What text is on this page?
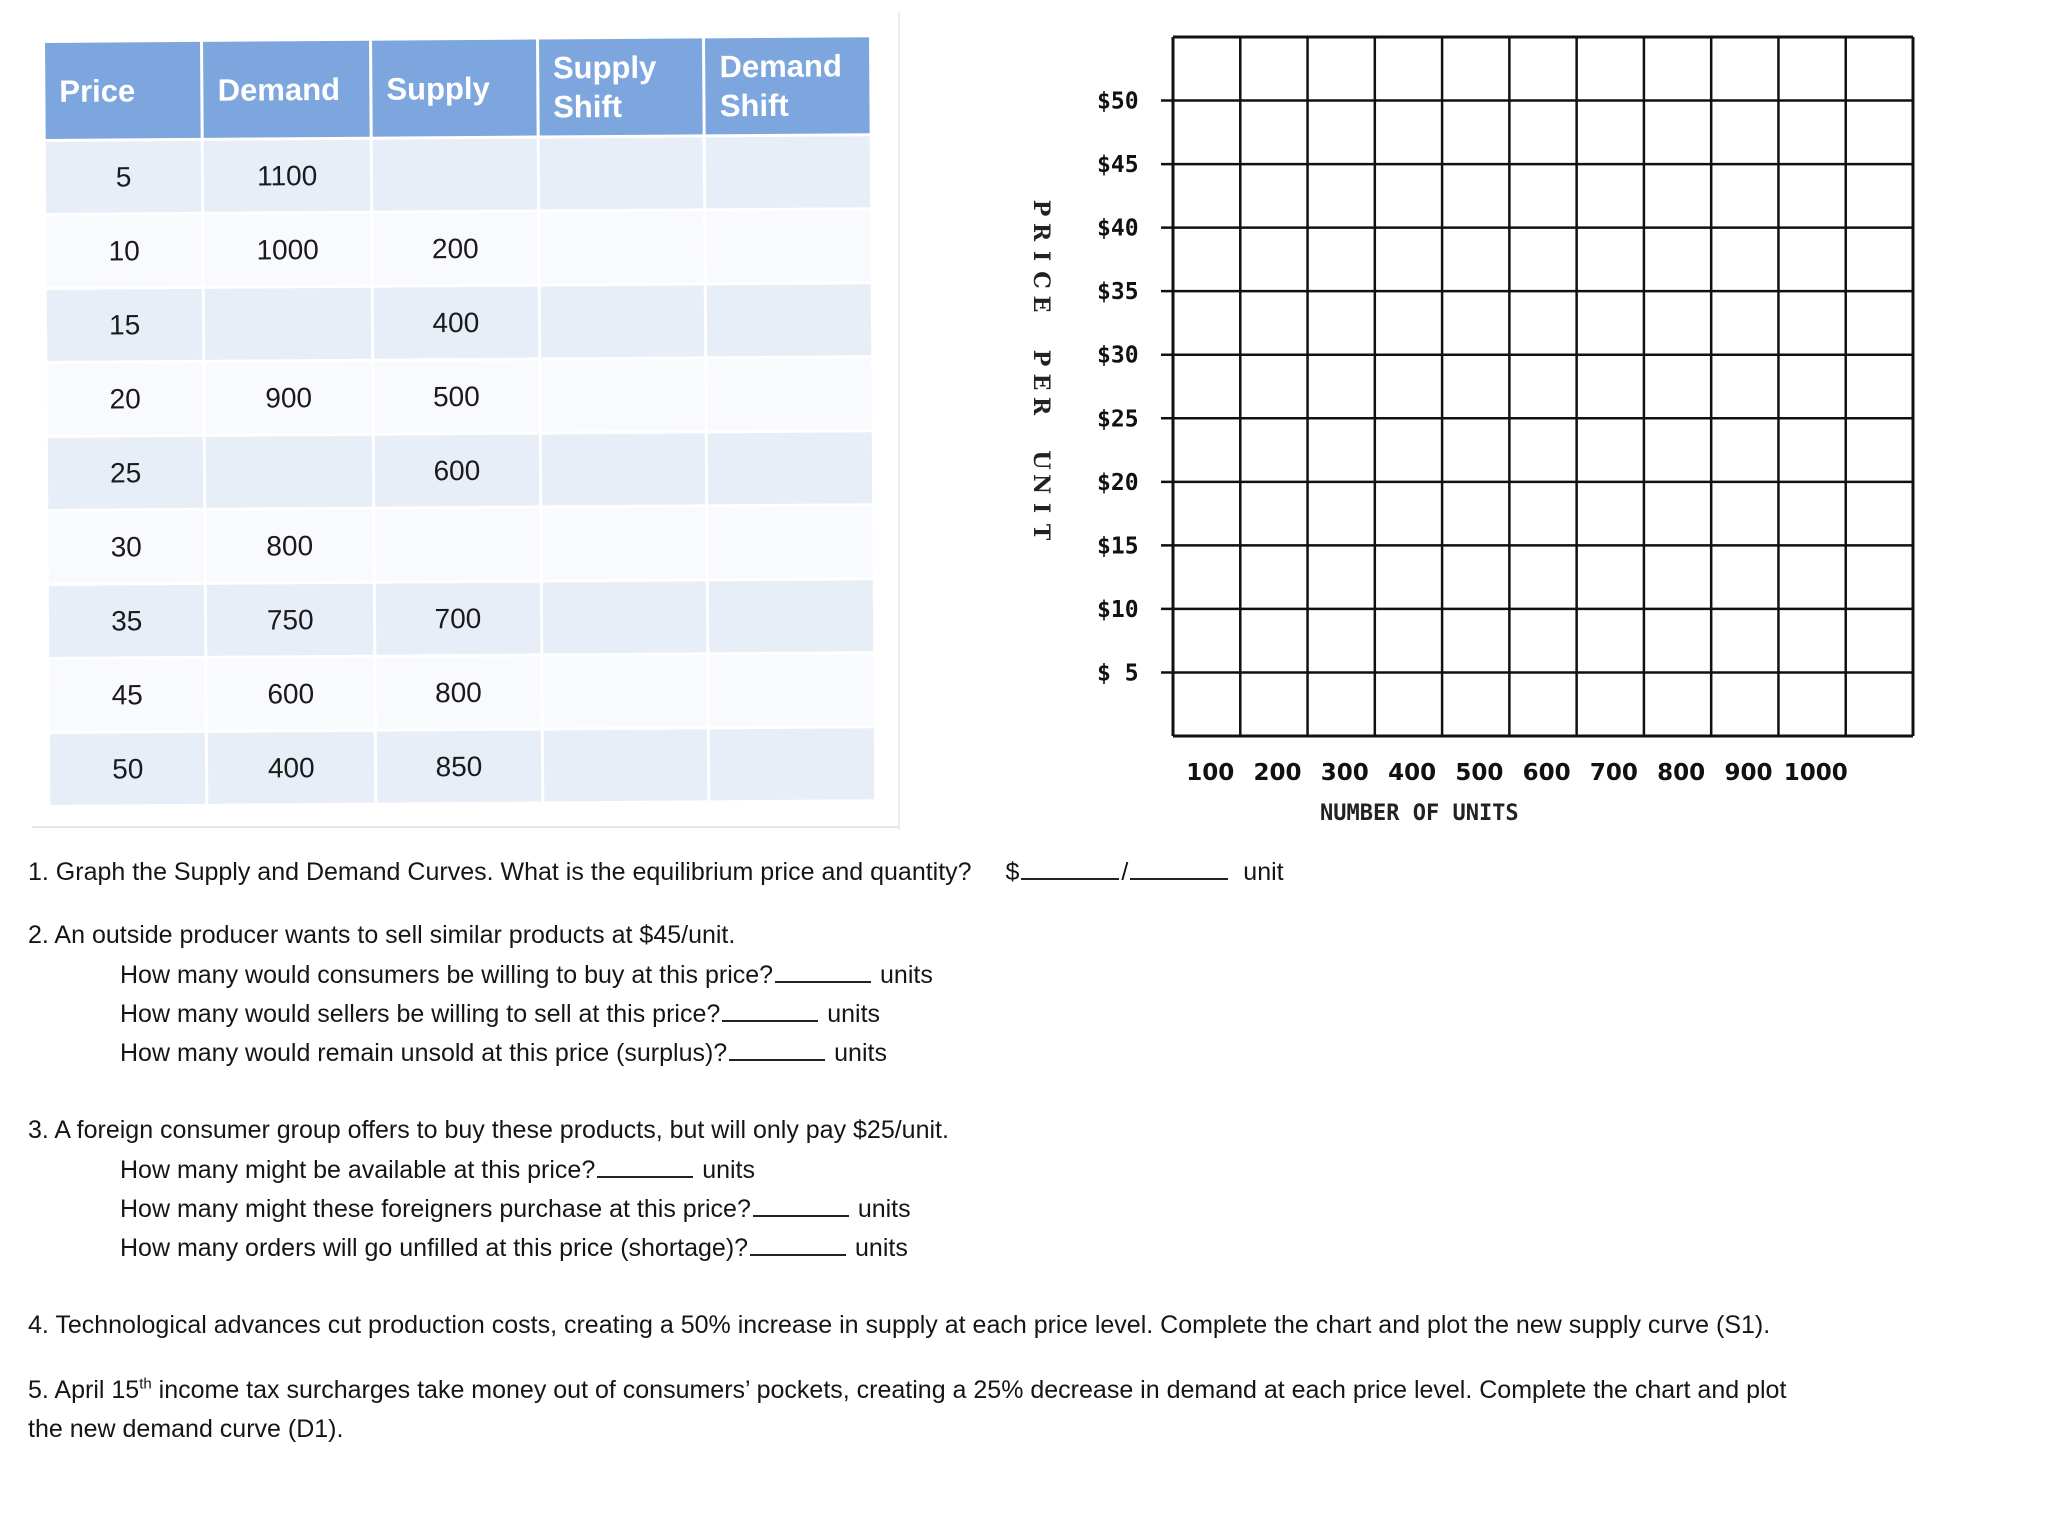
Price	Demand	Supply	Supply Shift	Demand Shift
5	1100			
10	1000	200		
15		400		
20	900	500		
25		600		
30	800			
35	750	700		
45	600	800		
50	400	850		
P
R
I
C
E
P
E
R
U
N
I
T
$50
$45
$40
$35
$30
$25
$20
$15
$10
$ 5
100 200 300 400 500 600 700 800 900 1000
NUMBER OF UNITS
1. Graph the Supply and Demand Curves. What is the equilibrium price and quantity? $	/	unit
2. An outside producer wants to sell similar products at $45/unit.
How many would consumers be willing to buy at this price?	units
How many would sellers be willing to sell at this price?	units
How many would remain unsold at this price (surplus)?	units
3. A foreign consumer group offers to buy these products, but will only pay $25/unit.
How many might be available at this price?	units
How many might these foreigners purchase at this price?	units
How many orders will go unfilled at this price (shortage)?	units
4. Technological advances cut production costs, creating a 50% increase in supply at each price level. Complete the chart and plot the new supply curve (S1).
5. April 15th income tax surcharges take money out of consumers’ pockets, creating a 25% decrease in demand at each price level. Complete the chart and plot
the new demand curve (D1).
